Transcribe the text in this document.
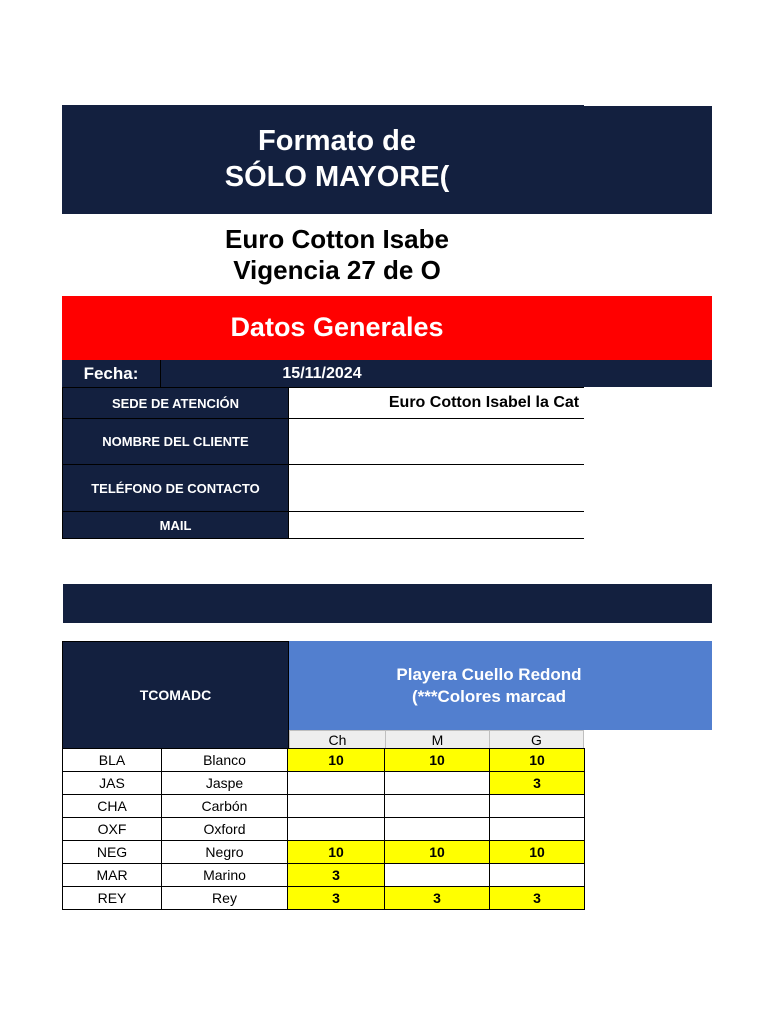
Formato de
SÓLO MAYORE(
Euro Cotton Isabe
Vigencia 27 de O
Datos Generales
Fecha:	15/11/2024
SEDE DE ATENCIÓN	Euro Cotton Isabel la Cat
NOMBRE DEL CLIENTE
TELÉFONO DE CONTACTO
MAIL
TCOMADC
Playera Cuello Redond
(***Colores marcad
Ch	M	G
BLA	Blanco	10	10	10
JAS	Jaspe			3
CHA	Carbón			
OXF	Oxford			
NEG	Negro	10	10	10
MAR	Marino	3		
REY	Rey	3	3	3
